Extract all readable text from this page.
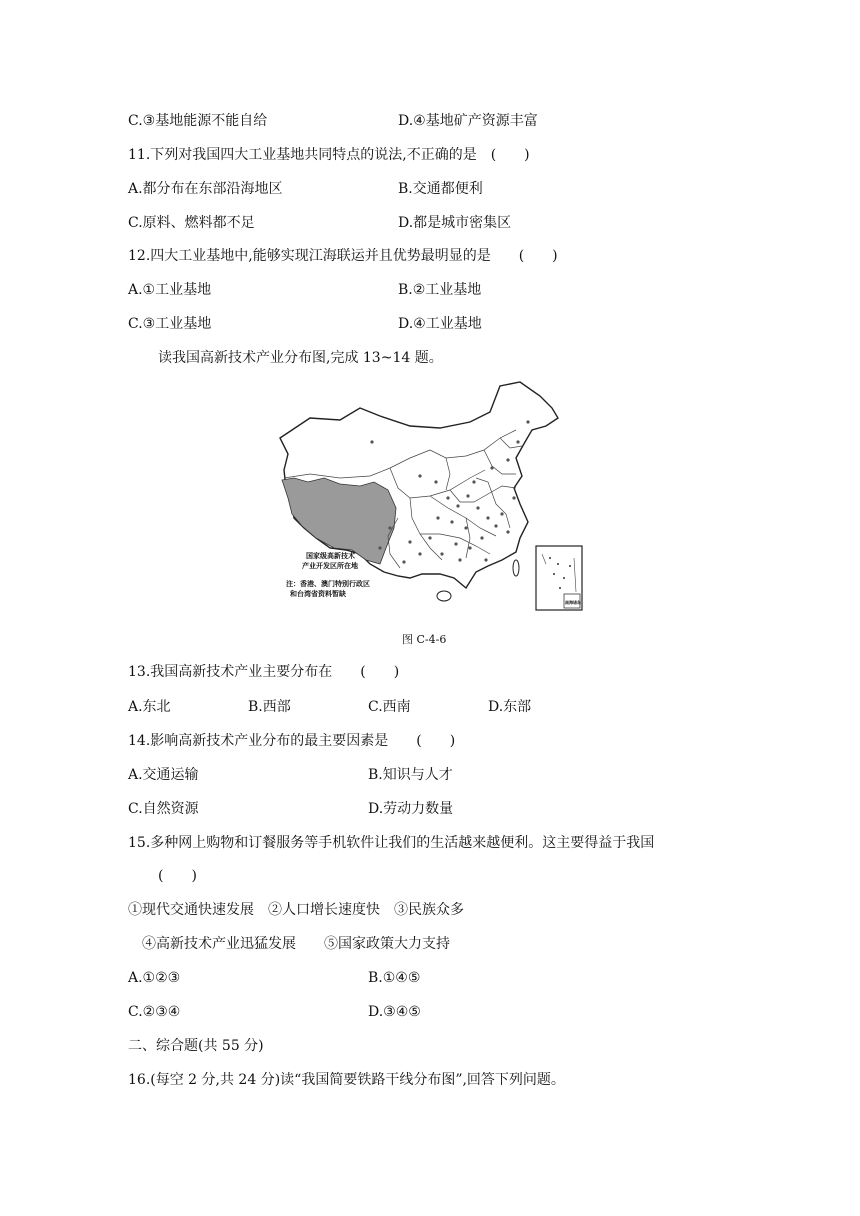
C.③基地能源不能自给	D.④基地矿产资源丰富
11.下列对我国四大工业基地共同特点的说法,不正确的是　(　　)
A.都分布在东部沿海地区	B.交通都便利
C.原料、燃料都不足	D.都是城市密集区
12.四大工业基地中,能够实现江海联运并且优势最明显的是　　(　　)
A.①工业基地	B.②工业基地
C.③工业基地	D.④工业基地
读我国高新技术产业分布图,完成 13~14 题。
国家级高新技术
产业开发区所在地
注：香港、澳门特别行政区
和台湾省资料暂缺
南海诸岛
图 C-4-6
13.我国高新技术产业主要分布在　　(　　)
A.东北	B.西部	C.西南	D.东部
14.影响高新技术产业分布的最主要因素是　　(　　)
A.交通运输	B.知识与人才
C.自然资源	D.劳动力数量
15.多种网上购物和订餐服务等手机软件让我们的生活越来越便利。这主要得益于我国
(　　)
①现代交通快速发展　②人口增长速度快　③民族众多
④高新技术产业迅猛发展　　⑤国家政策大力支持
A.①②③	B.①④⑤
C.②③④	D.③④⑤
二、综合题(共 55 分)
16.(每空 2 分,共 24 分)读“我国简要铁路干线分布图”,回答下列问题。
